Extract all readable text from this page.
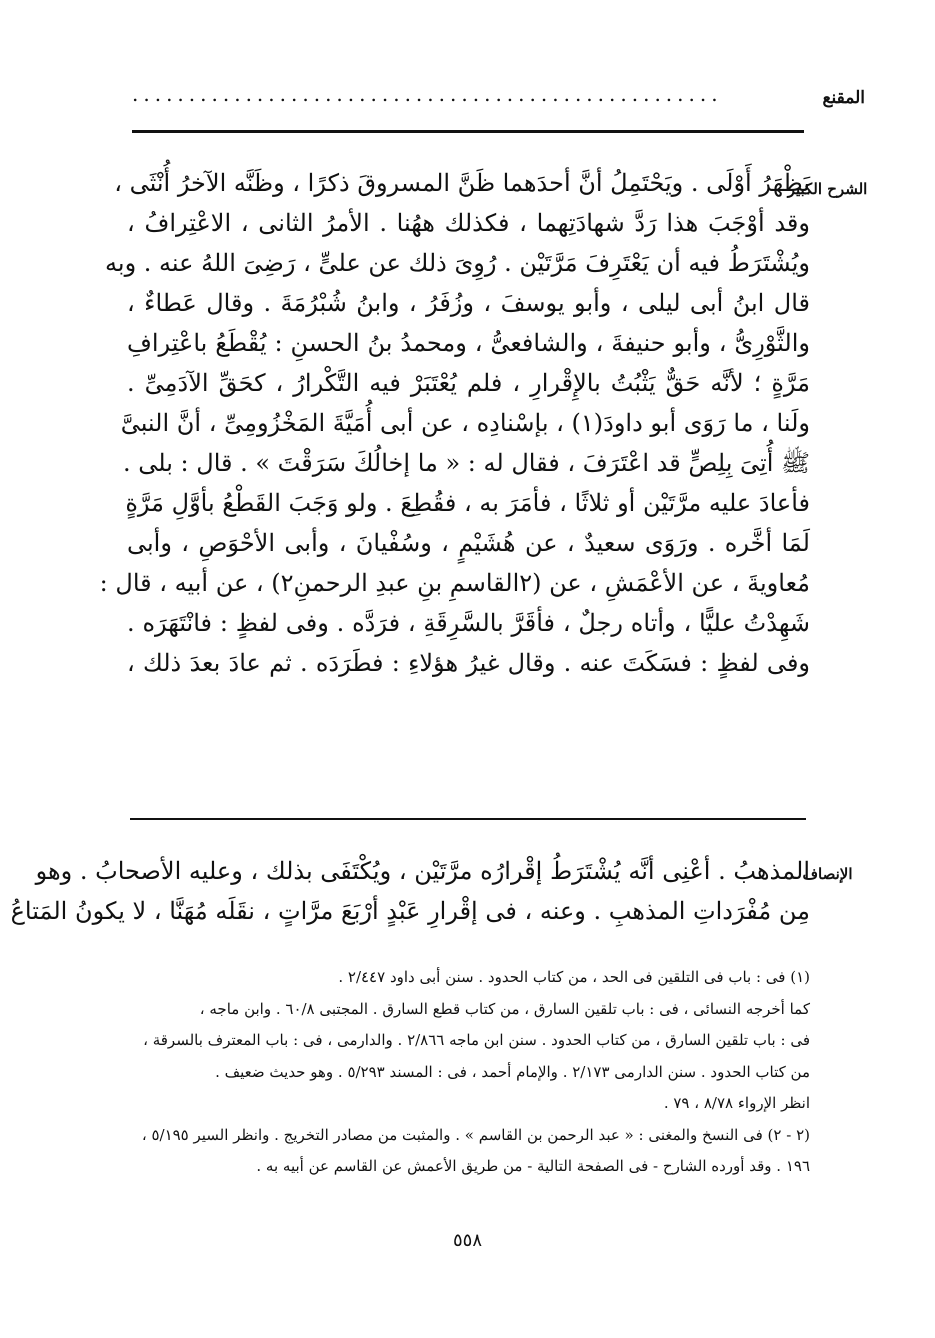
المقنع
....................................................
الشرح الكبير
يَظْهَرُ أَوْلَى . ويَحْتَمِلُ أنَّ أحدَهما ظَنَّ المسروقَ ذكرًا ، وظَنَّه الآخرُ أُنْثَى ،
وقد أوْجَبَ هذا رَدَّ شهادَتِهما ، فكذلك ههُنا . الأمرُ الثانى ، الاعْتِرافُ ،
ويُشْتَرَطُ فيه أن يَعْتَرِفَ مَرَّتَيْن . رُوِىَ ذلك عن علىٍّ ، رَضِىَ اللهُ عنه . وبه
قال ابنُ أبى ليلى ، وأبو يوسفَ ، وزُفَرُ ، وابنُ شُبْرُمَةَ . وقال عَطاءٌ ،
والثَّوْرِىُّ ، وأبو حنيفةَ ، والشافعىُّ ، ومحمدُ بنُ الحسنِ : يُقْطَعُ باعْتِرافِ
مَرَّةٍ ؛ لأنَّه حَقٌّ يَثْبُتُ بالإِقْرارِ ، فلم يُعْتَبَرْ فيه التَّكْرارُ ، كحَقِّ الآدَمِىِّ .
ولَنا ، ما رَوَى أبو داودَ(١) ، بإسْنادِه ، عن أبى أُمَيَّةَ المَخْزُومِىِّ ، أنَّ النبىَّ
ﷺ أُتِىَ بِلِصٍّ قد اعْتَرَفَ ، فقال له : « ما إخالُكَ سَرَقْتَ » . قال : بلى .
فأعادَ عليه مرَّتَيْن أو ثلاثًا ، فأمَرَ به ، فقُطِعَ . ولو وَجَبَ القَطْعُ بأوَّلِ مَرَّةٍ
لَمَا أخَّره . ورَوَى سعيدٌ ، عن هُشَيْمٍ ، وسُفْيانَ ، وأبى الأحْوَصِ ، وأبى
مُعاويةَ ، عن الأعْمَشِ ، عن (٢القاسمِ بنِ عبدِ الرحمنِ٢) ، عن أبيه ، قال :
شَهِدْتُ عليًّا ، وأتاه رجلٌ ، فأقَرَّ بالسَّرِقَةِ ، فرَدَّه . وفى لفظٍ : فانْتَهَرَه .
وفى لفظٍ : فسَكَتَ عنه . وقال غيرُ هؤلاءِ : فطَرَدَه . ثم عادَ بعدَ ذلك ،
الإنصاف
المذهبُ . أعْنِى أنَّه يُشْتَرَطُ إقْرارُه مرَّتَيْن ، ويُكْتَفَى بذلك ، وعليه الأصحابُ . وهو
مِن مُفْرَداتِ المذهبِ . وعنه ، فى إقْرارِ عَبْدٍ أرْبَعَ مرَّاتٍ ، نقَلَه مُهَنَّا ، لا يكونُ المَتاعُ
(١) فى : باب فى التلقين فى الحد ، من كتاب الحدود . سنن أبى داود ٢/٤٤٧ .
كما أخرجه النسائى ، فى : باب تلقين السارق ، من كتاب قطع السارق . المجتبى ٦٠/٨ . وابن ماجه ،
فى : باب تلقين السارق ، من كتاب الحدود . سنن ابن ماجه ٢/٨٦٦ . والدارمى ، فى : باب المعترف بالسرقة ،
من كتاب الحدود . سنن الدارمى ٢/١٧٣ . والإمام أحمد ، فى : المسند ٥/٢٩٣ . وهو حديث ضعيف .
انظر الإرواء ٨/٧٨ ، ٧٩ .
(٢ - ٢) فى النسخ والمغنى : « عبد الرحمن بن القاسم » . والمثبت من مصادر التخريج . وانظر السير ٥/١٩٥ ،
١٩٦ . وقد أورده الشارح - فى الصفحة التالية - من طريق الأعمش عن القاسم عن أبيه به .
٥٥٨
